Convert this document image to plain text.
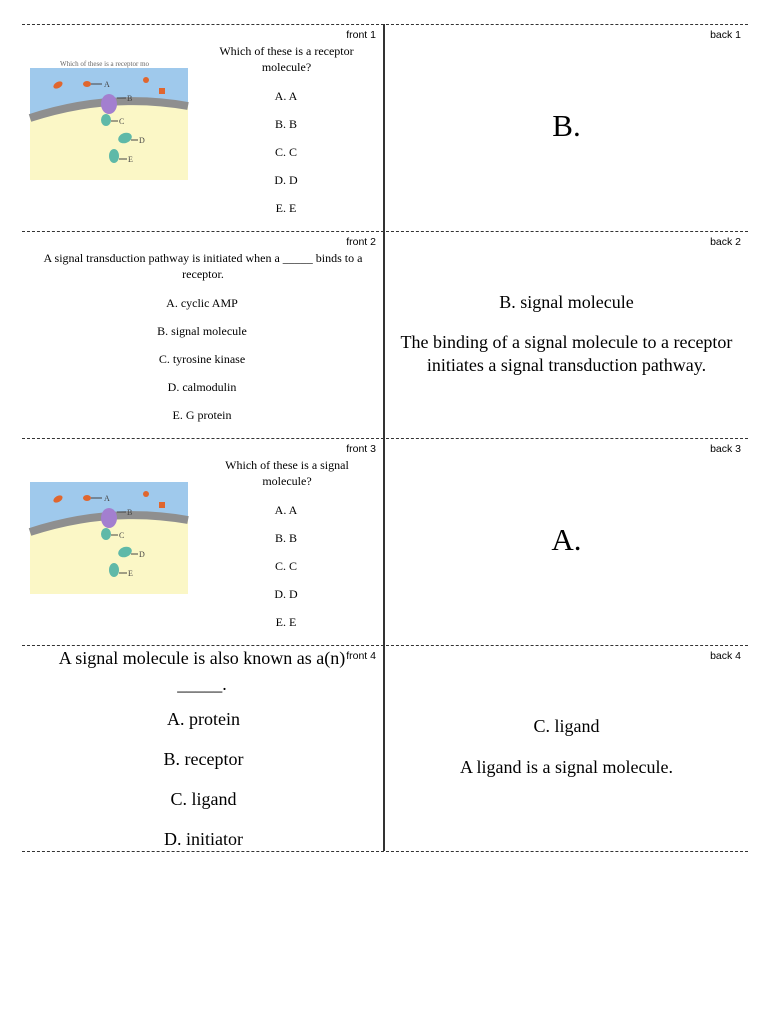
front 1
Which of these is a receptor mo
A
B
C
D
E
Which of these is a receptor molecule?
A. A
B. B
C. C
D. D
E. E
back 1
B.
front 2
A signal transduction pathway is initiated when a _____ binds to a receptor.
A. cyclic AMP
B. signal molecule
C. tyrosine kinase
D. calmodulin
E. G protein
back 2
B. signal molecule
The binding of a signal molecule to a receptor initiates a signal transduction pathway.
front 3
A
B
C
D
E
Which of these is a signal molecule?
A. A
B. B
C. C
D. D
E. E
back 3
A.
front 4
A signal molecule is also known as a(n) _____.
A. protein
B. receptor
C. ligand
D. initiator
back 4
C. ligand
A ligand is a signal molecule.
